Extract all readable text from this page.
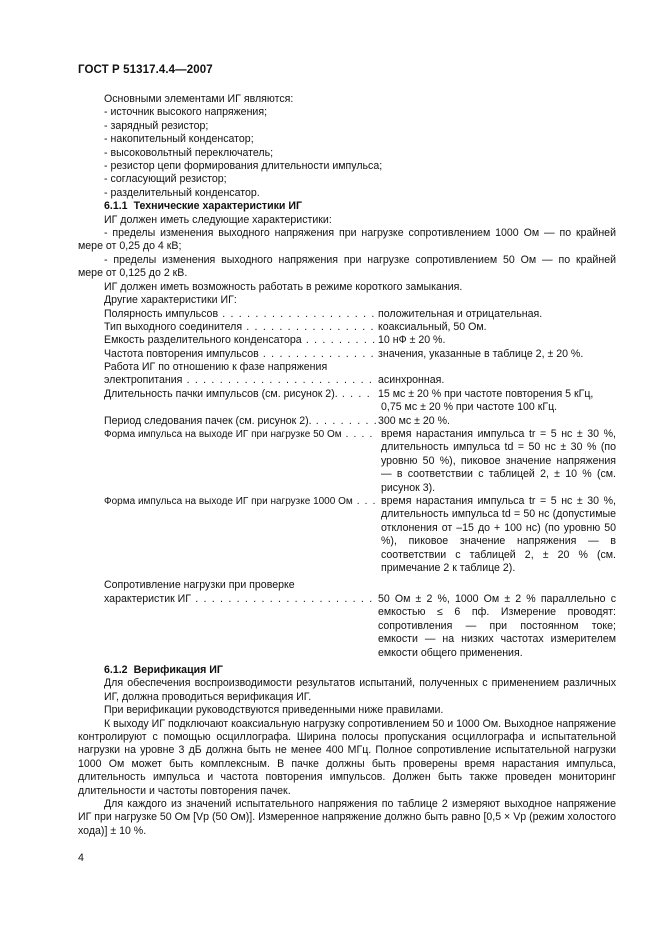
ГОСТ Р 51317.4.4—2007

Основными элементами ИГ являются:

- источник высокого напряжения;

- зарядный резистор;

- накопительный конденсатор;

- высоковольтный переключатель;

- резистор цепи формирования длительности импульса;

- согласующий резистор;

- разделительный конденсатор.

6.1.1 Технические характеристики ИГ

ИГ должен иметь следующие характеристики:

- пределы изменения выходного напряжения при нагрузке сопротивлением 1000 Ом — по крайней

мере от 0,25 до 4 кВ;

- пределы изменения выходного напряжения при нагрузке сопротивлением 50 Ом — по крайней

мере от 0,125 до 2 кВ.

ИГ должен иметь возможность работать в режиме короткого замыкания.

Другие характеристики ИГ:

Полярность импульсов . . .	положительная и отрицательная.
Тип выходного соединителя . . .	коаксиальный, 50 Ом.
Емкость разделительного конденсатора . . .	10 нФ ± 20 %.
Частота повторения импульсов . . .	значения, указанные в таблице 2, ± 20 %.
Работа ИГ по отношению к фазе напряжения
электропитания . . .	асинхронная.
Длительность пачки импульсов (см. рисунок 2). . . .	15 мс ± 20 % при частоте повторения 5 кГц,
0,75 мс ± 20 % при частоте 100 кГц.
Период следования пачек (см. рисунок 2). . . .	300 мс ± 20 %.
Форма импульса на выходе ИГ при нагрузке 50 Ом . . .	время нарастания импульса tr = 5 нс ± 30 %, длительность импульса td = 50 нс ± 30 % (по уровню 50 %), пиковое значение напряжения — в соответствии с таблицей 2, ± 10 % (см. рисунок 3).
Форма импульса на выходе ИГ при нагрузке 1000 Ом . . .	время нарастания импульса tr = 5 нс ± 30 %, длительность импульса td = 50 нс (допустимые отклонения от –15 до + 100 нс) (по уровню 50 %), пиковое значение напряжения — в соответствии с таблицей 2, ± 20 % (см. примечание 2 к таблице 2).
Сопротивление нагрузки при проверке
характеристик ИГ . . .	50 Ом ± 2 %, 1000 Ом ± 2 % параллельно с емкостью ≤ 6 пф. Измерение проводят: сопротивления — при постоянном токе; емкости — на низких частотах измерителем емкости общего применения.

6.1.2 Верификация ИГ

Для обеспечения воспроизводимости результатов испытаний, полученных с применением различных ИГ, должна проводиться верификация ИГ.

При верификации руководствуются приведенными ниже правилами.

К выходу ИГ подключают коаксиальную нагрузку сопротивлением 50 и 1000 Ом. Выходное напряжение контролируют с помощью осциллографа. Ширина полосы пропускания осциллографа и испытательной нагрузки на уровне 3 дБ должна быть не менее 400 МГц. Полное сопротивление испытательной нагрузки 1000 Ом может быть комплексным. В пачке должны быть проверены время нарастания импульса, длительность импульса и частота повторения импульсов. Должен быть также проведен мониторинг длительности и частоты повторения пачек.

Для каждого из значений испытательного напряжения по таблице 2 измеряют выходное напряжение ИГ при нагрузке 50 Ом [Vp (50 Ом)]. Измеренное напряжение должно быть равно [0,5 × Vp (режим холостого хода)] ± 10 %.

4
